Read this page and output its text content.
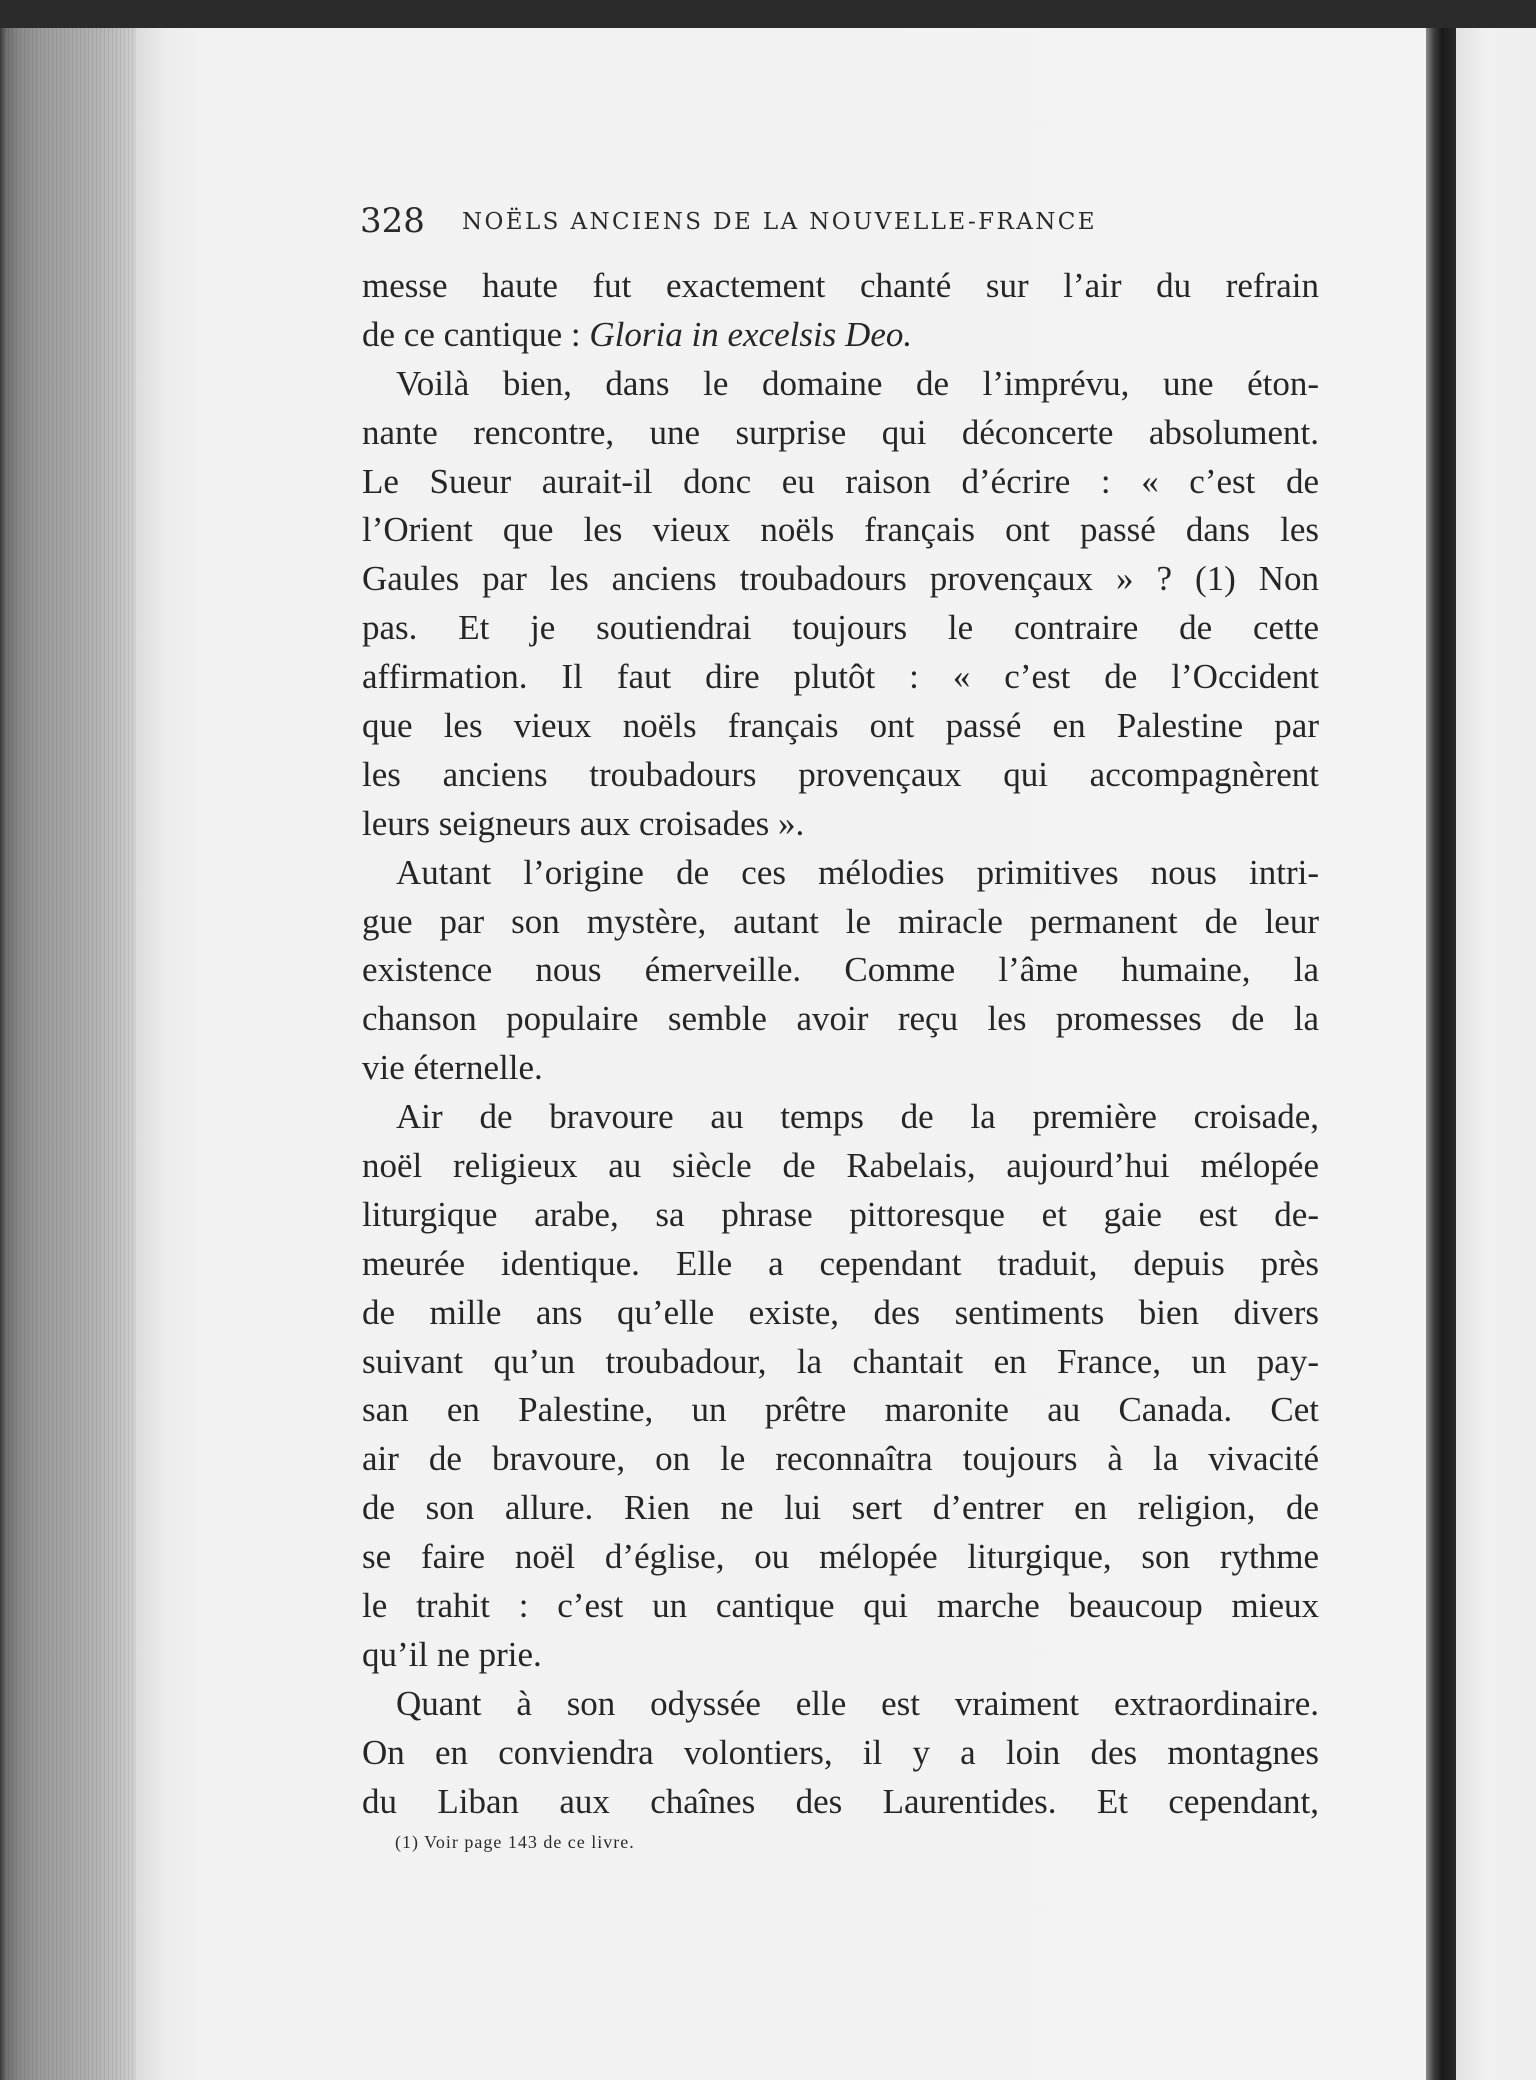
328 NOËLS ANCIENS DE LA NOUVELLE-FRANCE
messe haute fut exactement chanté sur l’air du refrain
de ce cantique : Gloria in excelsis Deo.
Voilà bien, dans le domaine de l’imprévu, une éton-
nante rencontre, une surprise qui déconcerte absolument.
Le Sueur aurait-il donc eu raison d’écrire : « c’est de
l’Orient que les vieux noëls français ont passé dans les
Gaules par les anciens troubadours provençaux » ? (1) Non
pas. Et je soutiendrai toujours le contraire de cette
affirmation. Il faut dire plutôt : « c’est de l’Occident
que les vieux noëls français ont passé en Palestine par
les anciens troubadours provençaux qui accompagnèrent
leurs seigneurs aux croisades ».
Autant l’origine de ces mélodies primitives nous intri-
gue par son mystère, autant le miracle permanent de leur
existence nous émerveille. Comme l’âme humaine, la
chanson populaire semble avoir reçu les promesses de la
vie éternelle.
Air de bravoure au temps de la première croisade,
noël religieux au siècle de Rabelais, aujourd’hui mélopée
liturgique arabe, sa phrase pittoresque et gaie est de-
meurée identique. Elle a cependant traduit, depuis près
de mille ans qu’elle existe, des sentiments bien divers
suivant qu’un troubadour, la chantait en France, un pay-
san en Palestine, un prêtre maronite au Canada. Cet
air de bravoure, on le reconnaîtra toujours à la vivacité
de son allure. Rien ne lui sert d’entrer en religion, de
se faire noël d’église, ou mélopée liturgique, son rythme
le trahit : c’est un cantique qui marche beaucoup mieux
qu’il ne prie.
Quant à son odyssée elle est vraiment extraordinaire.
On en conviendra volontiers, il y a loin des montagnes
du Liban aux chaînes des Laurentides. Et cependant,
(1) Voir page 143 de ce livre.
